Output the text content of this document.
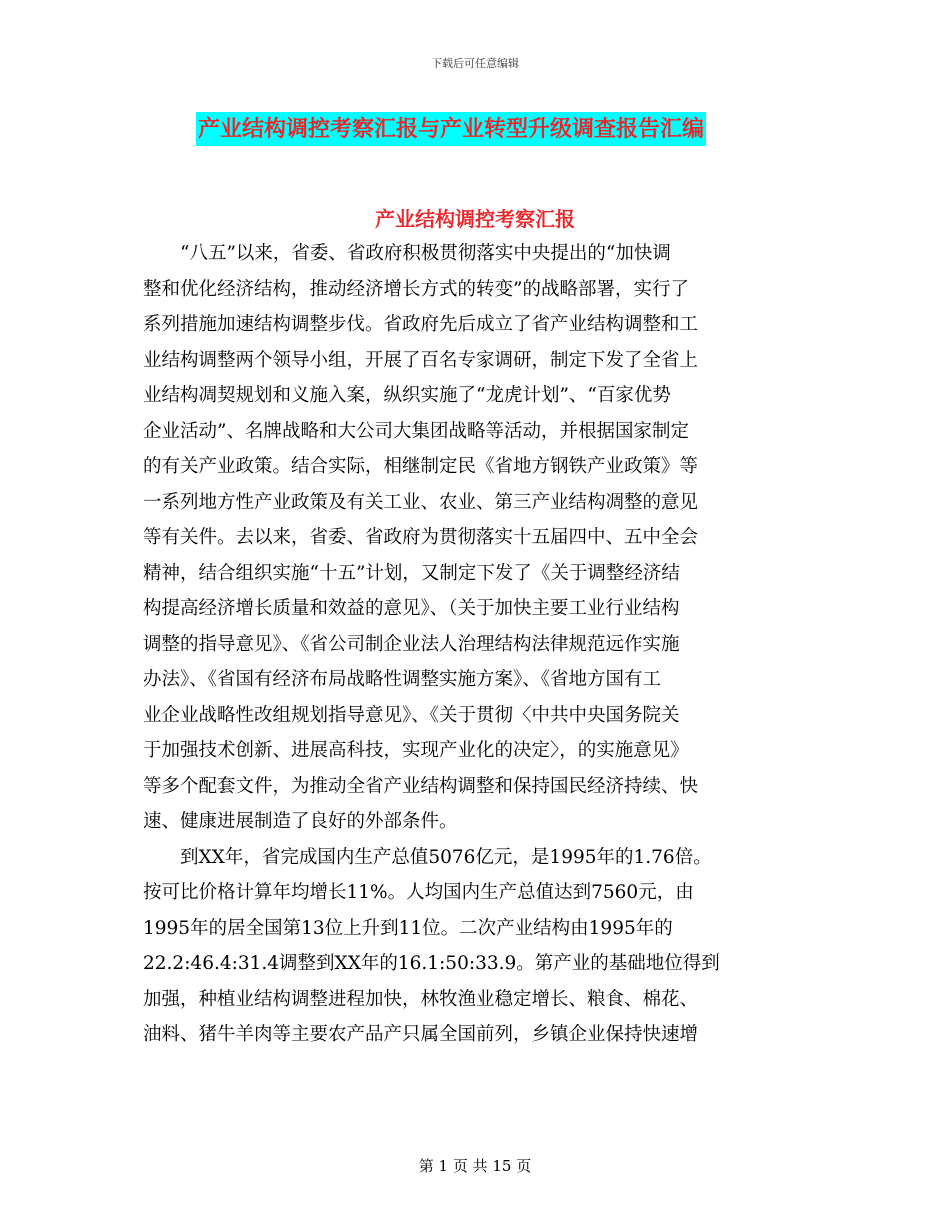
下载后可任意编辑
产业结构调控考察汇报与产业转型升级调查报告汇编
产业结构调控考察汇报
　　“八五”以来，省委、省政府积极贯彻落实中央提出的“加快调
整和优化经济结构，推动经济增长方式的转变”的战略部署，实行了
系列措施加速结构调整步伐。省政府先后成立了省产业结构调整和工
业结构调整两个领导小组，开展了百名专家调研，制定下发了全省上
业结构凋契规划和义施入案，纵织实施了“龙虎计划”、“百家优势
企业活动”、名牌战略和大公司大集团战略等活动，并根据国家制定
的有关产业政策。结合实际，相继制定民《省地方钢铁产业政策》等
一系列地方性产业政策及有关工业、农业、第三产业结构凋整的意见
等有关件。去以来，省委、省政府为贯彻落实十五届四中、五中全会
精神，结合组织实施“十五”计划，又制定下发了《关于调整经济结
构提高经济增长质量和效益的意见》、（关于加快主要工业行业结构
调整的指导意见》、《省公司制企业法人治理结构法律规范远作实施
办法》、《省国有经济布局战略性调整实施方案》、《省地方国有工
业企业战略性改组规划指导意见》、《关于贯彻〈中共中央国务院关
于加强技术创新、进展高科技，实现产业化的决定〉，的实施意见》
等多个配套文件，为推动全省产业结构调整和保持国民经济持续、快
速、健康进展制造了良好的外部条件。
　　到XX年，省完成国内生产总值5076亿元，是1995年的1.76倍。
按可比价格计算年均增长11%。人均国内生产总值达到7560元，由
1995年的居全国第13位上升到11位。二次产业结构由1995年的
22.2:46.4:31.4调整到XX年的16.1:50:33.9。第产业的基础地位得到
加强，种植业结构调整进程加快，林牧渔业稳定增长、粮食、棉花、
油料、猪牛羊肉等主要农产品产只属全国前列，乡镇企业保持快速增
第 1 页 共 15 页
